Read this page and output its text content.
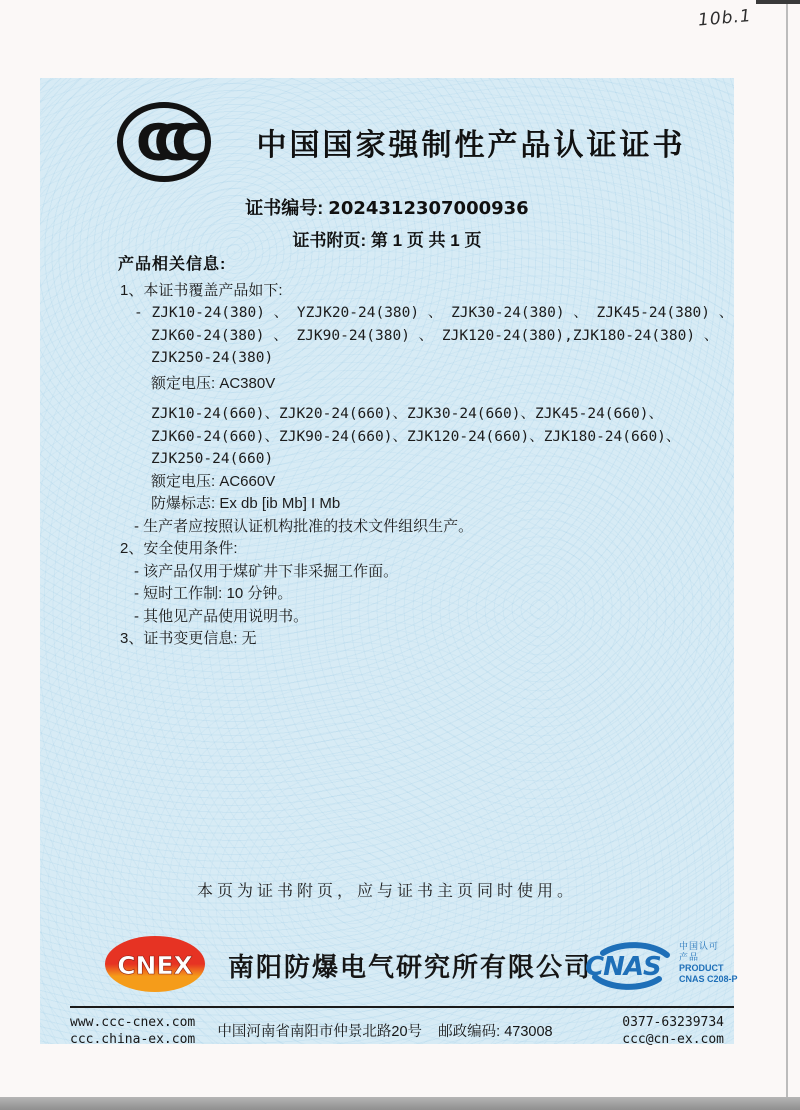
10b.1
CCC	中国国家强制性产品认证证书
证书编号: 2024312307000936
证书附页: 第 1 页 共 1 页
产品相关信息:
1、本证书覆盖产品如下:
- ZJK10-24(380) 、 YZJK20-24(380) 、 ZJK30-24(380) 、 ZJK45-24(380) 、
ZJK60-24(380) 、 ZJK90-24(380) 、 ZJK120-24(380),ZJK180-24(380) 、
ZJK250-24(380)
额定电压: AC380V
ZJK10-24(660)、ZJK20-24(660)、ZJK30-24(660)、ZJK45-24(660)、
ZJK60-24(660)、ZJK90-24(660)、ZJK120-24(660)、ZJK180-24(660)、
ZJK250-24(660)
额定电压: AC660V
防爆标志: Ex db [ib Mb] I Mb
- 生产者应按照认证机构批准的技术文件组织生产。
2、安全使用条件:
- 该产品仅用于煤矿井下非采掘工作面。
- 短时工作制: 10 分钟。
- 其他见产品使用说明书。
3、证书变更信息: 无
本页为证书附页，应与证书主页同时使用。
CNEX	南阳防爆电气研究所有限公司
CNAS
中国认可
产品
PRODUCT
CNAS C208-P
www.ccc-cnex.com
ccc.china-ex.com	中国河南省南阳市仲景北路20号 邮政编码: 473008
0377-63239734
ccc@cn-ex.com
